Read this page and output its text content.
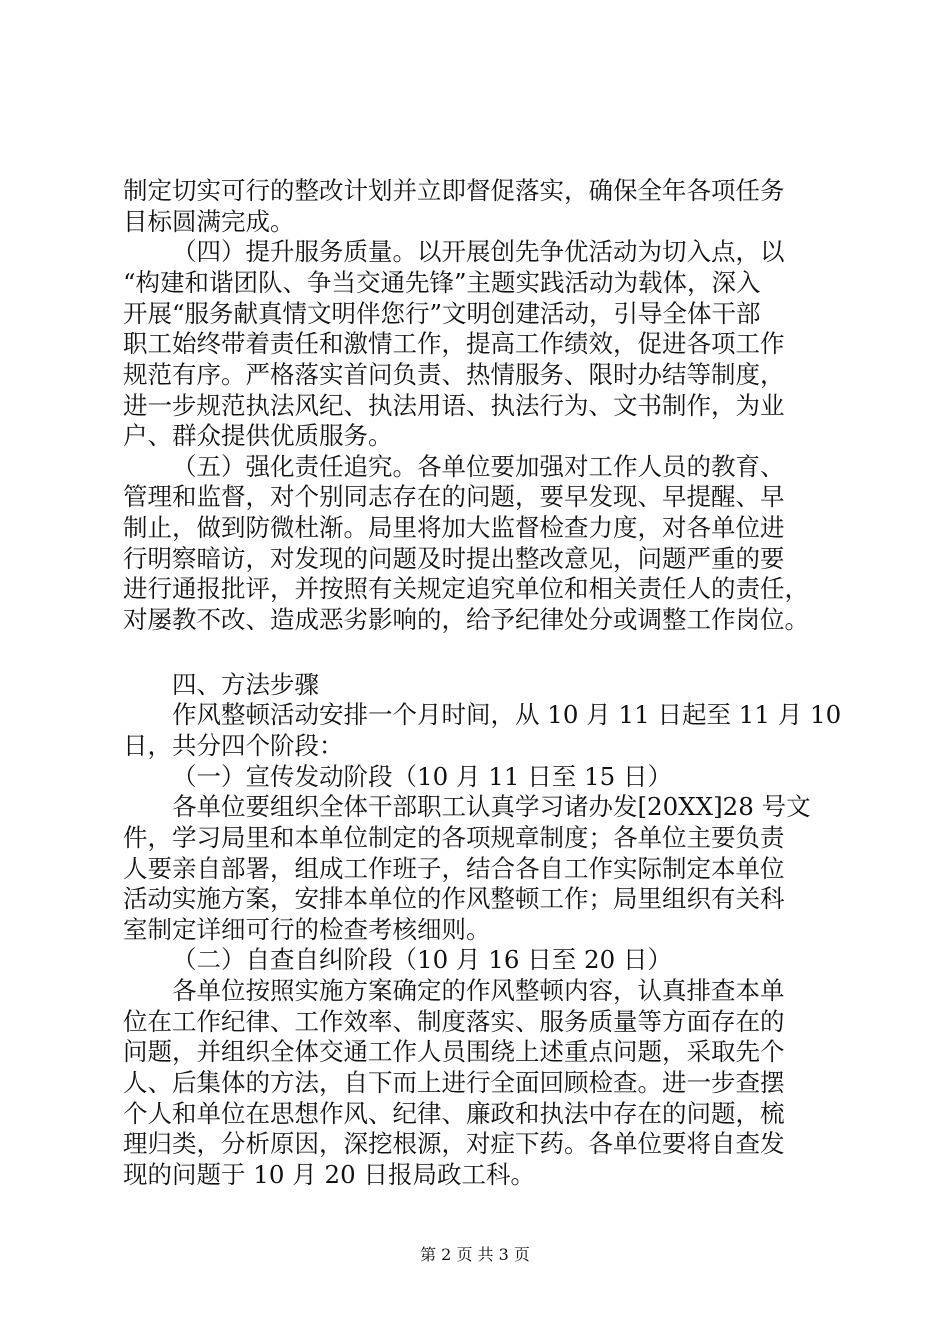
制定切实可行的整改计划并立即督促落实，确保全年各项任务
目标圆满完成。
（四）提升服务质量。以开展创先争优活动为切入点，以
“构建和谐团队、争当交通先锋”主题实践活动为载体，深入
开展“服务献真情文明伴您行”文明创建活动，引导全体干部
职工始终带着责任和激情工作，提高工作绩效，促进各项工作
规范有序。严格落实首问负责、热情服务、限时办结等制度，
进一步规范执法风纪、执法用语、执法行为、文书制作，为业
户、群众提供优质服务。
（五）强化责任追究。各单位要加强对工作人员的教育、
管理和监督，对个别同志存在的问题，要早发现、早提醒、早
制止，做到防微杜渐。局里将加大监督检查力度，对各单位进
行明察暗访，对发现的问题及时提出整改意见，问题严重的要
进行通报批评，并按照有关规定追究单位和相关责任人的责任，
对屡教不改、造成恶劣影响的，给予纪律处分或调整工作岗位。
四、方法步骤
作风整顿活动安排一个月时间，从 10 月 11 日起至 11 月 10
日，共分四个阶段：
（一）宣传发动阶段（10 月 11 日至 15 日）
各单位要组织全体干部职工认真学习诸办发[20XX]28 号文
件，学习局里和本单位制定的各项规章制度；各单位主要负责
人要亲自部署，组成工作班子，结合各自工作实际制定本单位
活动实施方案，安排本单位的作风整顿工作；局里组织有关科
室制定详细可行的检查考核细则。
（二）自查自纠阶段（10 月 16 日至 20 日）
各单位按照实施方案确定的作风整顿内容，认真排查本单
位在工作纪律、工作效率、制度落实、服务质量等方面存在的
问题，并组织全体交通工作人员围绕上述重点问题，采取先个
人、后集体的方法，自下而上进行全面回顾检查。进一步查摆
个人和单位在思想作风、纪律、廉政和执法中存在的问题，梳
理归类，分析原因，深挖根源，对症下药。各单位要将自查发
现的问题于 10 月 20 日报局政工科。
第 2 页 共 3 页
